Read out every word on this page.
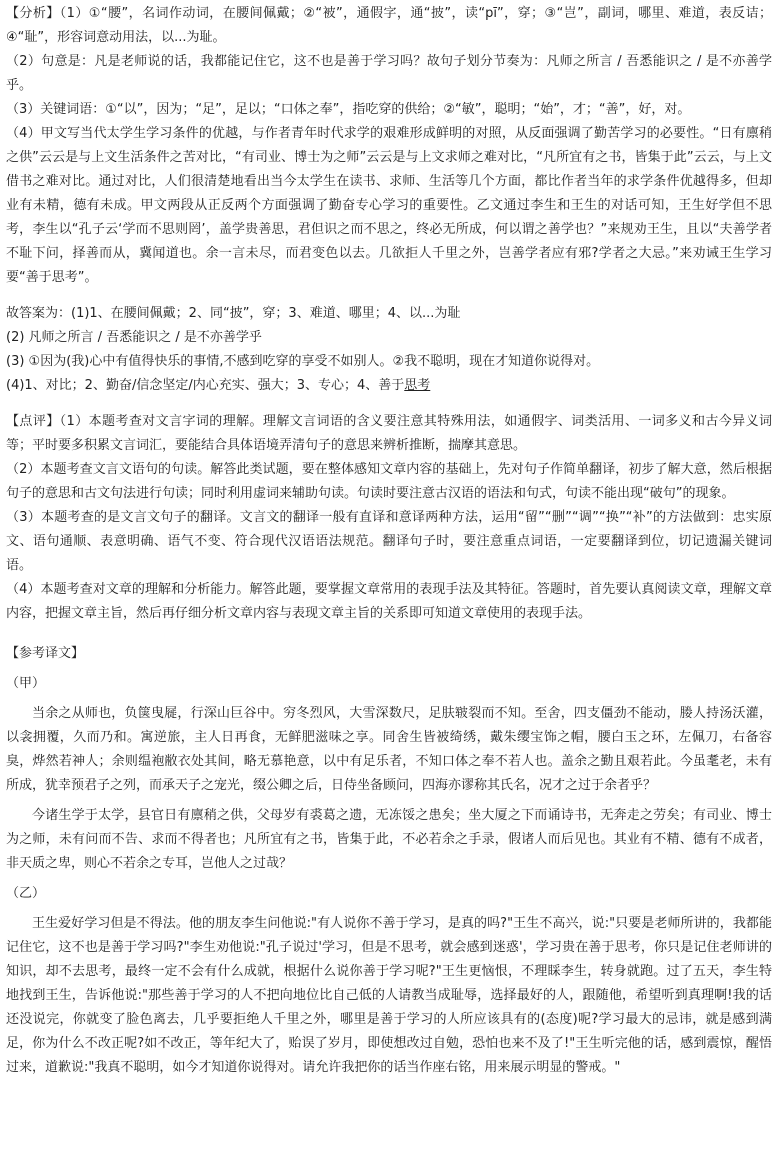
【分析】（1）①“腰”，名词作动词，在腰间佩戴；②“被”，通假字，通“披”，读“pī”，穿；③“岂”，副词，哪里、难道，表反诘；④“耻”，形容词意动用法，以...为耻。

（2）句意是：凡是老师说的话，我都能记住它，这不也是善于学习吗？故句子划分节奏为：凡师之所言 / 吾悉能识之 / 是不亦善学乎。

（3）关键词语：①“以”，因为；“足”，足以；“口体之奉”，指吃穿的供给；②“敏”，聪明；“始”，才；“善”，好，对。

（4）甲文写当代太学生学习条件的优越，与作者青年时代求学的艰难形成鲜明的对照，从反面强调了勤苦学习的必要性。“日有廪稍之供”云云是与上文生活条件之苦对比，“有司业、博士为之师”云云是与上文求师之难对比，“凡所宜有之书，皆集于此”云云，与上文借书之难对比。通过对比，人们很清楚地看出当今太学生在读书、求师、生活等几个方面，都比作者当年的求学条件优越得多，但却业有未精，德有未成。甲文两段从正反两个方面强调了勤奋专心学习的重要性。乙文通过李生和王生的对话可知，王生好学但不思考，李生以“孔子云‘学而不思则罔’，盖学贵善思，君但识之而不思之，终必无所成，何以谓之善学也？”来规劝王生，且以“夫善学者不耻下问，择善而从，冀闻道也。余一言未尽，而君变色以去。几欲拒人千里之外，岂善学者应有邪?学者之大忌。”来劝诫王生学习要“善于思考”。

故答案为：(1)1、在腰间佩戴；2、同“披”，穿；3、难道、哪里；4、以...为耻

(2) 凡师之所言 / 吾悉能识之 / 是不亦善学乎

(3) ①因为(我)心中有值得快乐的事情,不感到吃穿的享受不如别人。②我不聪明，现在才知道你说得对。

(4)1、对比；2、勤奋/信念坚定/内心充实、强大；3、专心；4、善于思考

【点评】（1）本题考查对文言字词的理解。理解文言词语的含义要注意其特殊用法，如通假字、词类活用、一词多义和古今异义词等；平时要多积累文言词汇，要能结合具体语境弄清句子的意思来辨析推断，揣摩其意思。

（2）本题考查文言文语句的句读。解答此类试题，要在整体感知文章内容的基础上，先对句子作简单翻译，初步了解大意，然后根据句子的意思和古文句法进行句读；同时利用虚词来辅助句读。句读时要注意古汉语的语法和句式，句读不能出现“破句”的现象。

（3）本题考查的是文言文句子的翻译。文言文的翻译一般有直译和意译两种方法，运用“留”“删”“调”“换”“补”的方法做到：忠实原文、语句通顺、表意明确、语气不变、符合现代汉语语法规范。翻译句子时，要注意重点词语，一定要翻译到位，切记遗漏关键词语。

（4）本题考查对文章的理解和分析能力。解答此题，要掌握文章常用的表现手法及其特征。答题时，首先要认真阅读文章，理解文章内容，把握文章主旨，然后再仔细分析文章内容与表现文章主旨的关系即可知道文章使用的表现手法。

【参考译文】

（甲）

当余之从师也，负箧曳屣，行深山巨谷中。穷冬烈风，大雪深数尺，足肤皲裂而不知。至舍，四支僵劲不能动，媵人持汤沃灌，以衾拥覆，久而乃和。寓逆旅，主人日再食，无鲜肥滋味之享。同舍生皆被绮绣，戴朱缨宝饰之帽，腰白玉之环，左佩刀，右备容臭，烨然若神人；余则缊袍敝衣处其间，略无慕艳意，以中有足乐者，不知口体之奉不若人也。盖余之勤且艰若此。今虽耄老，未有所成，犹幸预君子之列，而承天子之宠光，缀公卿之后，日侍坐备顾问，四海亦谬称其氏名，况才之过于余者乎？

今诸生学于太学，县官日有廪稍之供，父母岁有裘葛之遗，无冻馁之患矣；坐大厦之下而诵诗书，无奔走之劳矣；有司业、博士为之师，未有问而不告、求而不得者也；凡所宜有之书，皆集于此，不必若余之手录，假诸人而后见也。其业有不精、德有不成者，非天质之卑，则心不若余之专耳，岂他人之过哉？

（乙）

王生爱好学习但是不得法。他的朋友李生问他说:"有人说你不善于学习，是真的吗?"王生不高兴，说:"只要是老师所讲的，我都能记住它，这不也是善于学习吗?"李生劝他说:"孔子说过'学习，但是不思考，就会感到迷惑'，学习贵在善于思考，你只是记住老师讲的知识，却不去思考，最终一定不会有什么成就，根据什么说你善于学习呢?"王生更恼恨，不理睬李生，转身就跑。过了五天，李生特地找到王生，告诉他说:"那些善于学习的人不把向地位比自己低的人请教当成耻辱，选择最好的人，跟随他，希望听到真理啊!我的话还没说完，你就变了脸色离去，几乎要拒绝人千里之外，哪里是善于学习的人所应该具有的(态度)呢?学习最大的忌讳，就是感到满足，你为什么不改正呢?如不改正，等年纪大了，贻误了岁月，即使想改过自勉，恐怕也来不及了!"王生听完他的话，感到震惊，醒悟过来，道歉说:"我真不聪明，如今才知道你说得对。请允许我把你的话当作座右铭，用来展示明显的警戒。"
